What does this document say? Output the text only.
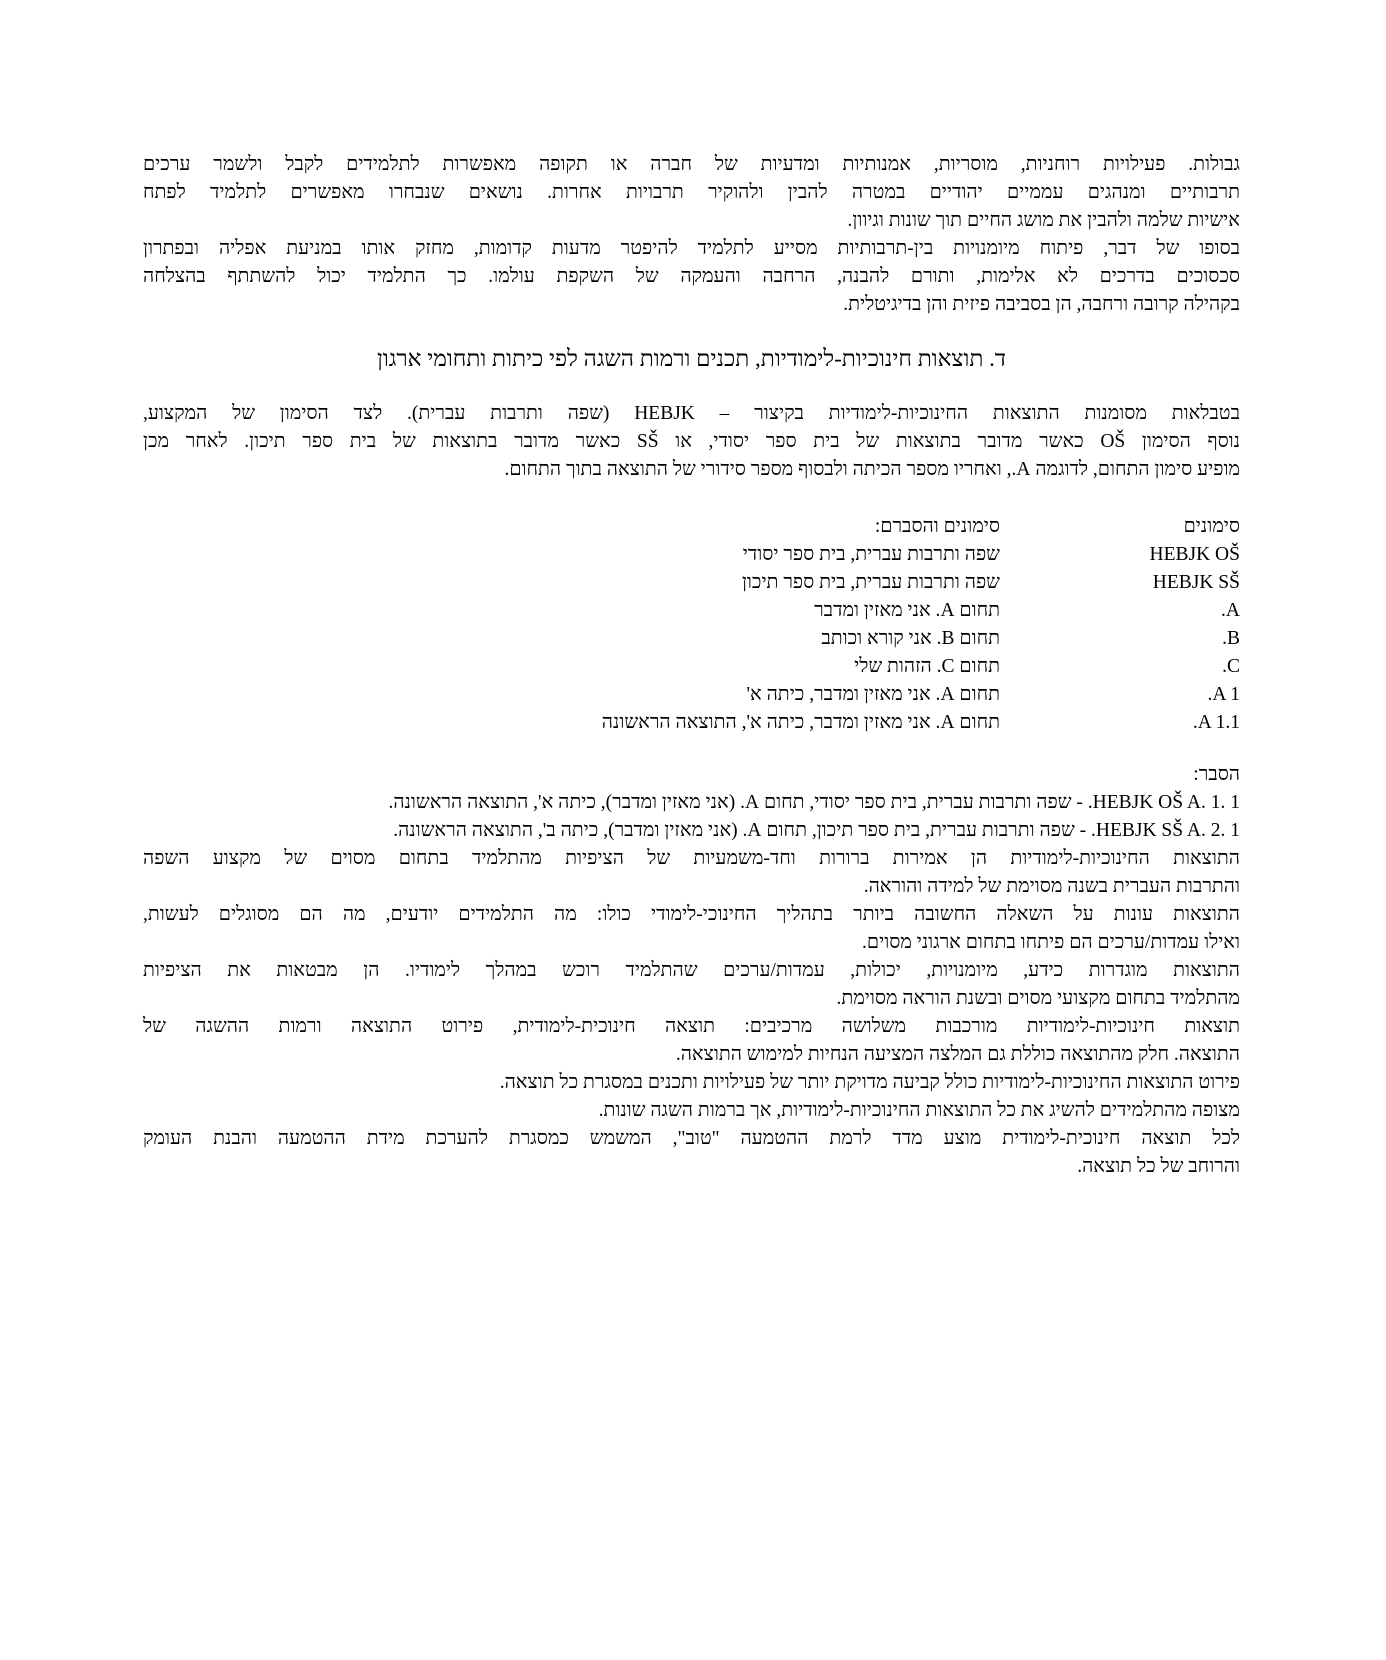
גבולות. פעילויות רוחניות, מוסריות, אמנותיות ומדעיות של חברה או תקופה מאפשרות לתלמידים לקבל ולשמר ערכים
תרבותיים ומנהגים עממיים יהודיים במטרה להבין ולהוקיר תרבויות אחרות. נושאים שנבחרו מאפשרים לתלמיד לפתח
אישיות שלמה ולהבין את מושג החיים תוך שונות וגיוון.
בסופו של דבר, פיתוח מיומנויות בין-תרבותיות מסייע לתלמיד להיפטר מדעות קדומות, מחזק אותו במניעת אפליה ובפתרון
סכסוכים בדרכים לא אלימות, ותורם להבנה, הרחבה והעמקה של השקפת עולמו. כך התלמיד יכול להשתתף בהצלחה
בקהילה קרובה ורחבה, הן בסביבה פיזית והן בדיגיטלית.
ד. תוצאות חינוכיות-לימודיות, תכנים ורמות השגה לפי כיתות ותחומי ארגון
בטבלאות מסומנות התוצאות החינוכיות-לימודיות בקיצור – HEBJK (שפה ותרבות עברית). לצד הסימון של המקצוע,
נוסף הסימון OŠ כאשר מדובר בתוצאות של בית ספר יסודי, או SŠ כאשר מדובר בתוצאות של בית ספר תיכון. לאחר מכן
מופיע סימון התחום, לדוגמה A., ואחריו מספר הכיתה ולבסוף מספר סידורי של התוצאה בתוך התחום.
סימונים
סימונים והסברם:
HEBJK OŠ
שפה ותרבות עברית, בית ספר יסודי
HEBJK SŠ
שפה ותרבות עברית, בית ספר תיכון
A.
תחום A. אני מאזין ומדבר
B.
תחום B. אני קורא וכותב
C.
תחום C. הזהות שלי
A 1.
תחום A. אני מאזין ומדבר, כיתה א'
A 1.1.
תחום A. אני מאזין ומדבר, כיתה א', התוצאה הראשונה
הסבר:
HEBJK OŠ A. 1. 1. - שפה ותרבות עברית, בית ספר יסודי, תחום A. (אני מאזין ומדבר), כיתה א', התוצאה הראשונה.
HEBJK SŠ A. 2. 1. - שפה ותרבות עברית, בית ספר תיכון, תחום A. (אני מאזין ומדבר), כיתה ב', התוצאה הראשונה.
התוצאות החינוכיות-לימודיות הן אמירות ברורות וחד-משמעיות של הציפיות מהתלמיד בתחום מסוים של מקצוע השפה
והתרבות העברית בשנה מסוימת של למידה והוראה.
התוצאות עונות על השאלה החשובה ביותר בתהליך החינוכי-לימודי כולו: מה התלמידים יודעים, מה הם מסוגלים לעשות,
ואילו עמדות/ערכים הם פיתחו בתחום ארגוני מסוים.
התוצאות מוגדרות כידע, מיומנויות, יכולות, עמדות/ערכים שהתלמיד רוכש במהלך לימודיו. הן מבטאות את הציפיות
מהתלמיד בתחום מקצועי מסוים ובשנת הוראה מסוימת.
תוצאות חינוכיות-לימודיות מורכבות משלושה מרכיבים: תוצאה חינוכית-לימודית, פירוט התוצאה ורמות ההשגה של
התוצאה. חלק מהתוצאה כוללת גם המלצה המציעה הנחיות למימוש התוצאה.
פירוט התוצאות החינוכיות-לימודיות כולל קביעה מדויקת יותר של פעילויות ותכנים במסגרת כל תוצאה.
מצופה מהתלמידים להשיג את כל התוצאות החינוכיות-לימודיות, אך ברמות השגה שונות.
לכל תוצאה חינוכית-לימודית מוצע מדד לרמת ההטמעה "טוב", המשמש כמסגרת להערכת מידת ההטמעה והבנת העומק
והרוחב של כל תוצאה.
